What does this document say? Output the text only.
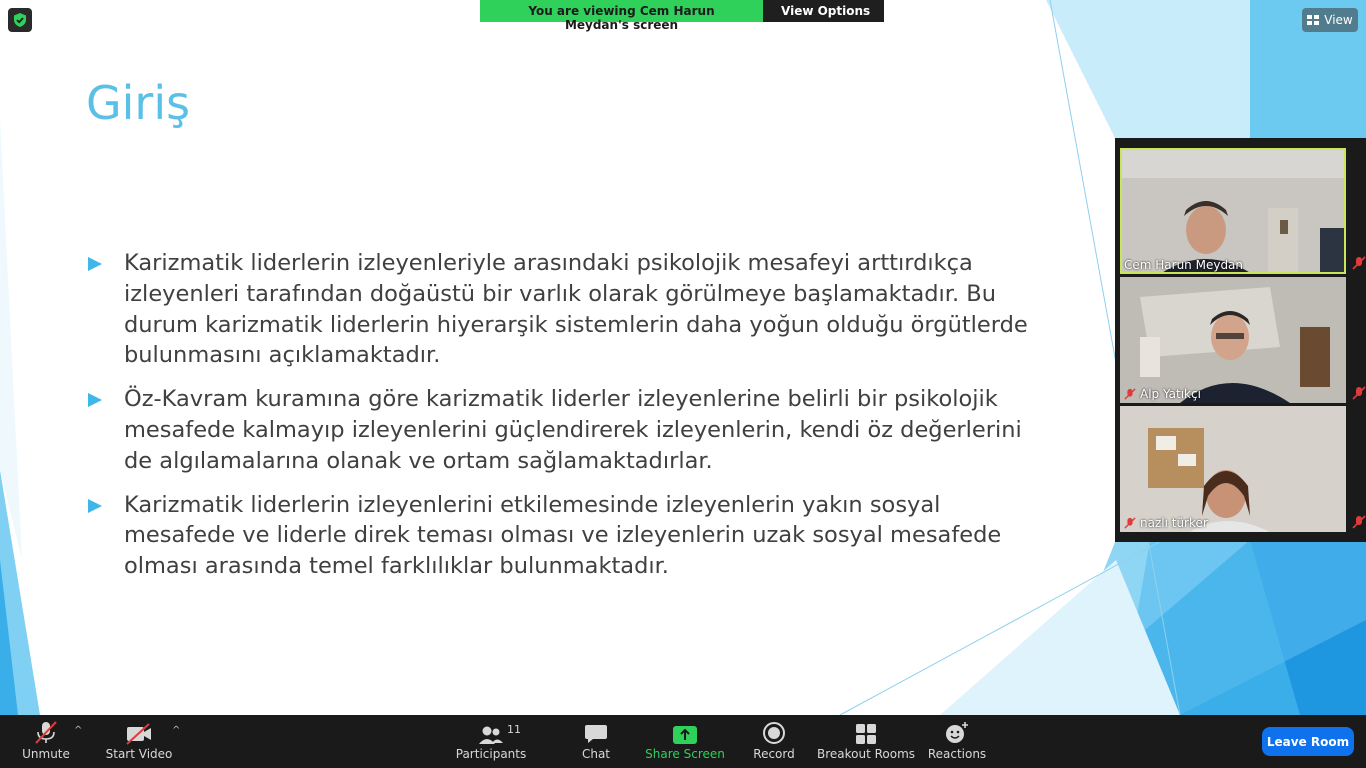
Giriş
Karizmatik liderlerin izleyenleriyle arasındaki psikolojik mesafeyi arttırdıkça izleyenleri tarafından doğaüstü bir varlık olarak görülmeye başlamaktadır. Bu durum karizmatik liderlerin hiyerarşik sistemlerin daha yoğun olduğu örgütlerde bulunmasını açıklamaktadır.
Öz-Kavram kuramına göre karizmatik liderler izleyenlerine belirli bir psikolojik mesafede kalmayıp izleyenlerini güçlendirerek izleyenlerin, kendi öz değerlerini de algılamalarına olanak ve ortam sağlamaktadırlar.
Karizmatik liderlerin izleyenlerini etkilemesinde izleyenlerin yakın sosyal mesafede ve liderle direk teması olması ve izleyenlerin uzak sosyal mesafede olması arasında temel farklılıklar bulunmaktadır.
You are viewing Cem Harun Meydan's screen
View Options ⌄	View
Cem Harun Meydan
Alp Yatıkçı
nazlı türker
Unmute
^
Start Video
^
Participants
11
Chat	Share Screen Record Breakout Rooms Reactions
Leave Room
